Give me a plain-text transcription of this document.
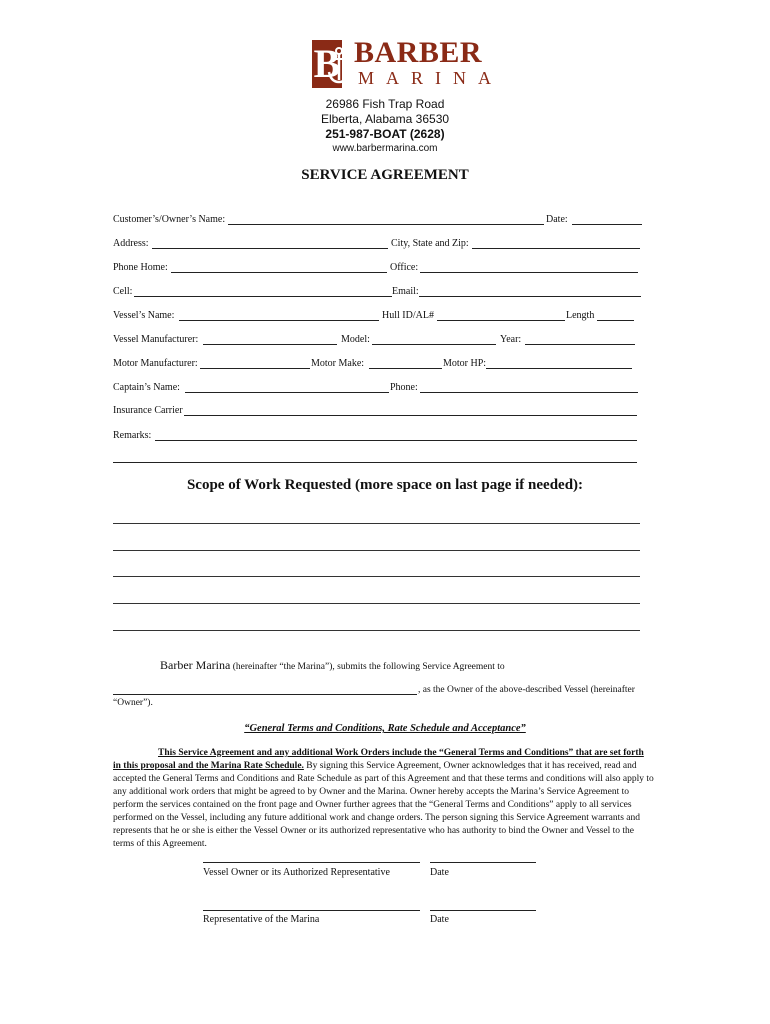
B BARBER
MARINA
26986 Fish Trap Road
Elberta, Alabama 36530
251-987-BOAT (2628)
www.barbermarina.com
SERVICE AGREEMENT
Customer’s/Owner’s Name:	Date:
Address:	City, State and Zip:
Phone Home:	Office:
Cell:	Email:
Vessel’s Name:	Hull ID/AL#	Length
Vessel Manufacturer:	Model:	Year:
Motor Manufacturer:	Motor Make:	Motor HP:
Captain’s Name:	Phone:
Insurance Carrier
Remarks:
Scope of Work Requested (more space on last page if needed):
Barber Marina (hereinafter “the Marina”), submits the following Service Agreement to
, as the Owner of the above-described Vessel (hereinafter
“Owner”).
“General Terms and Conditions, Rate Schedule and Acceptance”
This Service Agreement and any additional Work Orders include the “General Terms and Conditions” that are set forth in this proposal and the Marina Rate Schedule. By signing this Service Agreement, Owner acknowledges that it has received, read and accepted the General Terms and Conditions and Rate Schedule as part of this Agreement and that these terms and conditions will also apply to any additional work orders that might be agreed to by Owner and the Marina. Owner hereby accepts the Marina’s Service Agreement to perform the services contained on the front page and Owner further agrees that the “General Terms and Conditions” apply to all services performed on the Vessel, including any future additional work and change orders. The person signing this Service Agreement warrants and represents that he or she is either the Vessel Owner or its authorized representative who has authority to bind the Owner and Vessel to the terms of this Agreement.
Vessel Owner or its Authorized Representative	Date
Representative of the Marina	Date
